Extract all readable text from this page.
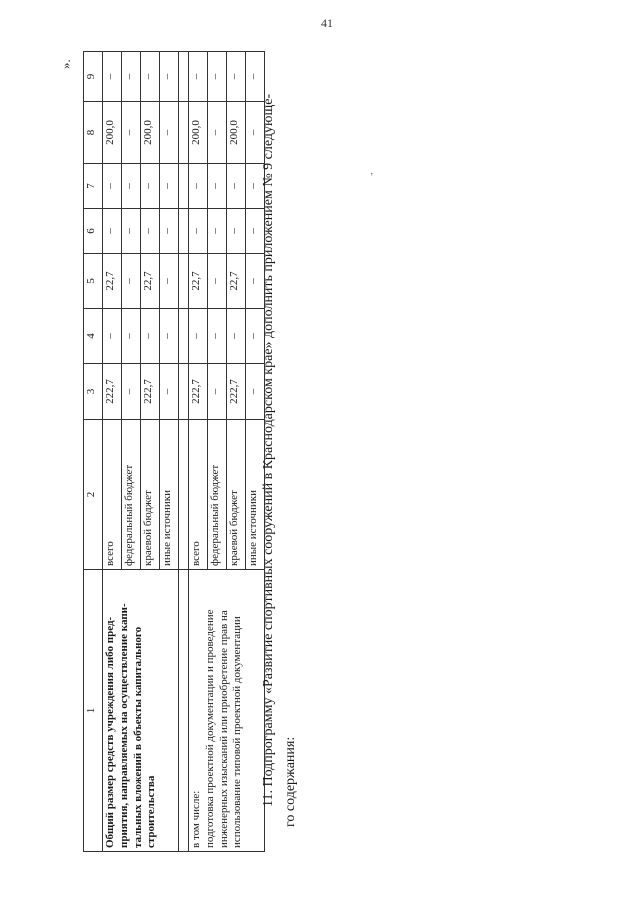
41
ʼ
».
1	2	3	4	5	6	7	8	9
Общий размер средств учреждения либо пред-приятия, направляемых на осуществление капи-тальных вложений в объекты капитального строительства	всего	222,7	–	22,7	–	–	200,0	–
	федеральный бюджет	–	–	–	–	–	–	–
	краевой бюджет	222,7	–	22,7	–	–	200,0	–
	иные источники	–	–	–	–	–	–	–

в том числе:
подготовка проектной документации и проведение инженерных изысканий или приобретение прав на использование типовой проектной документации	всего	222,7	–	22,7	–	–	200,0	–
	федеральный бюджет	–	–	–	–	–	–	–
	краевой бюджет	222,7	–	22,7	–	–	200,0	–
	иные источники	–	–	–	–	–	–	–

11. Подпрограмму «Развитие спортивных сооружений в Краснодарском крае» дополнить приложением № 9 следующе- го содержания:
